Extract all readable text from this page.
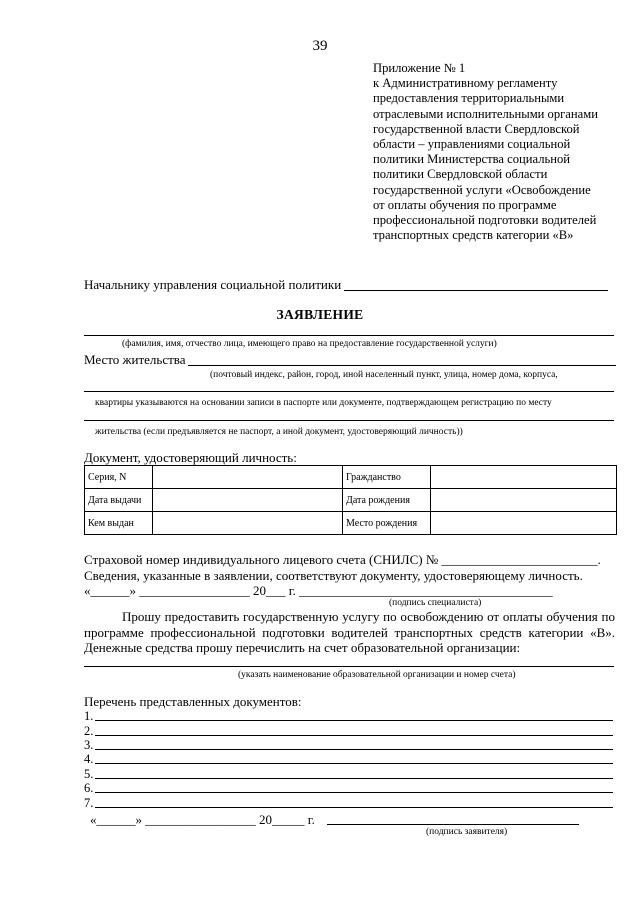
39
Приложение № 1
к Административному регламенту
предоставления территориальными
отраслевыми исполнительными органами
государственной власти Свердловской
области – управлениями социальной
политики Министерства социальной
политики Свердловской области
государственной услуги «Освобождение
от оплаты обучения по программе
профессиональной подготовки водителей
транспортных средств категории «В»
Начальнику управления социальной политики
ЗАЯВЛЕНИЕ
(фамилия, имя, отчество лица, имеющего право на предоставление государственной услуги)
Место жительства
(почтовый индекс, район, город, иной населенный пункт, улица, номер дома, корпуса,
квартиры указываются на основании записи в паспорте или документе, подтверждающем регистрацию по месту
жительства (если предъявляется не паспорт, а иной документ, удостоверяющий личность))
Документ, удостоверяющий личность:
Серия, N		Гражданство	
Дата выдачи		Дата рождения	
Кем выдан		Место рождения	
Страховой номер индивидуального лицевого счета (СНИЛС) № ________________________.
Сведения, указанные в заявлении, соответствуют документу, удостоверяющему личность.
«______» _________________ 20___ г. _______________________________________
(подпись специалиста)
Прошу предоставить государственную услугу по освобождению от оплаты обучения по программе профессиональной подготовки водителей транспортных средств категории «В». Денежные средства прошу перечислить на счет образовательной организации:
(указать наименование образовательной организации и номер счета)
Перечень представленных документов:
1.
2.
3.
4.
5.
6.
7.
«______» _________________ 20_____ г.
(подпись заявителя)
